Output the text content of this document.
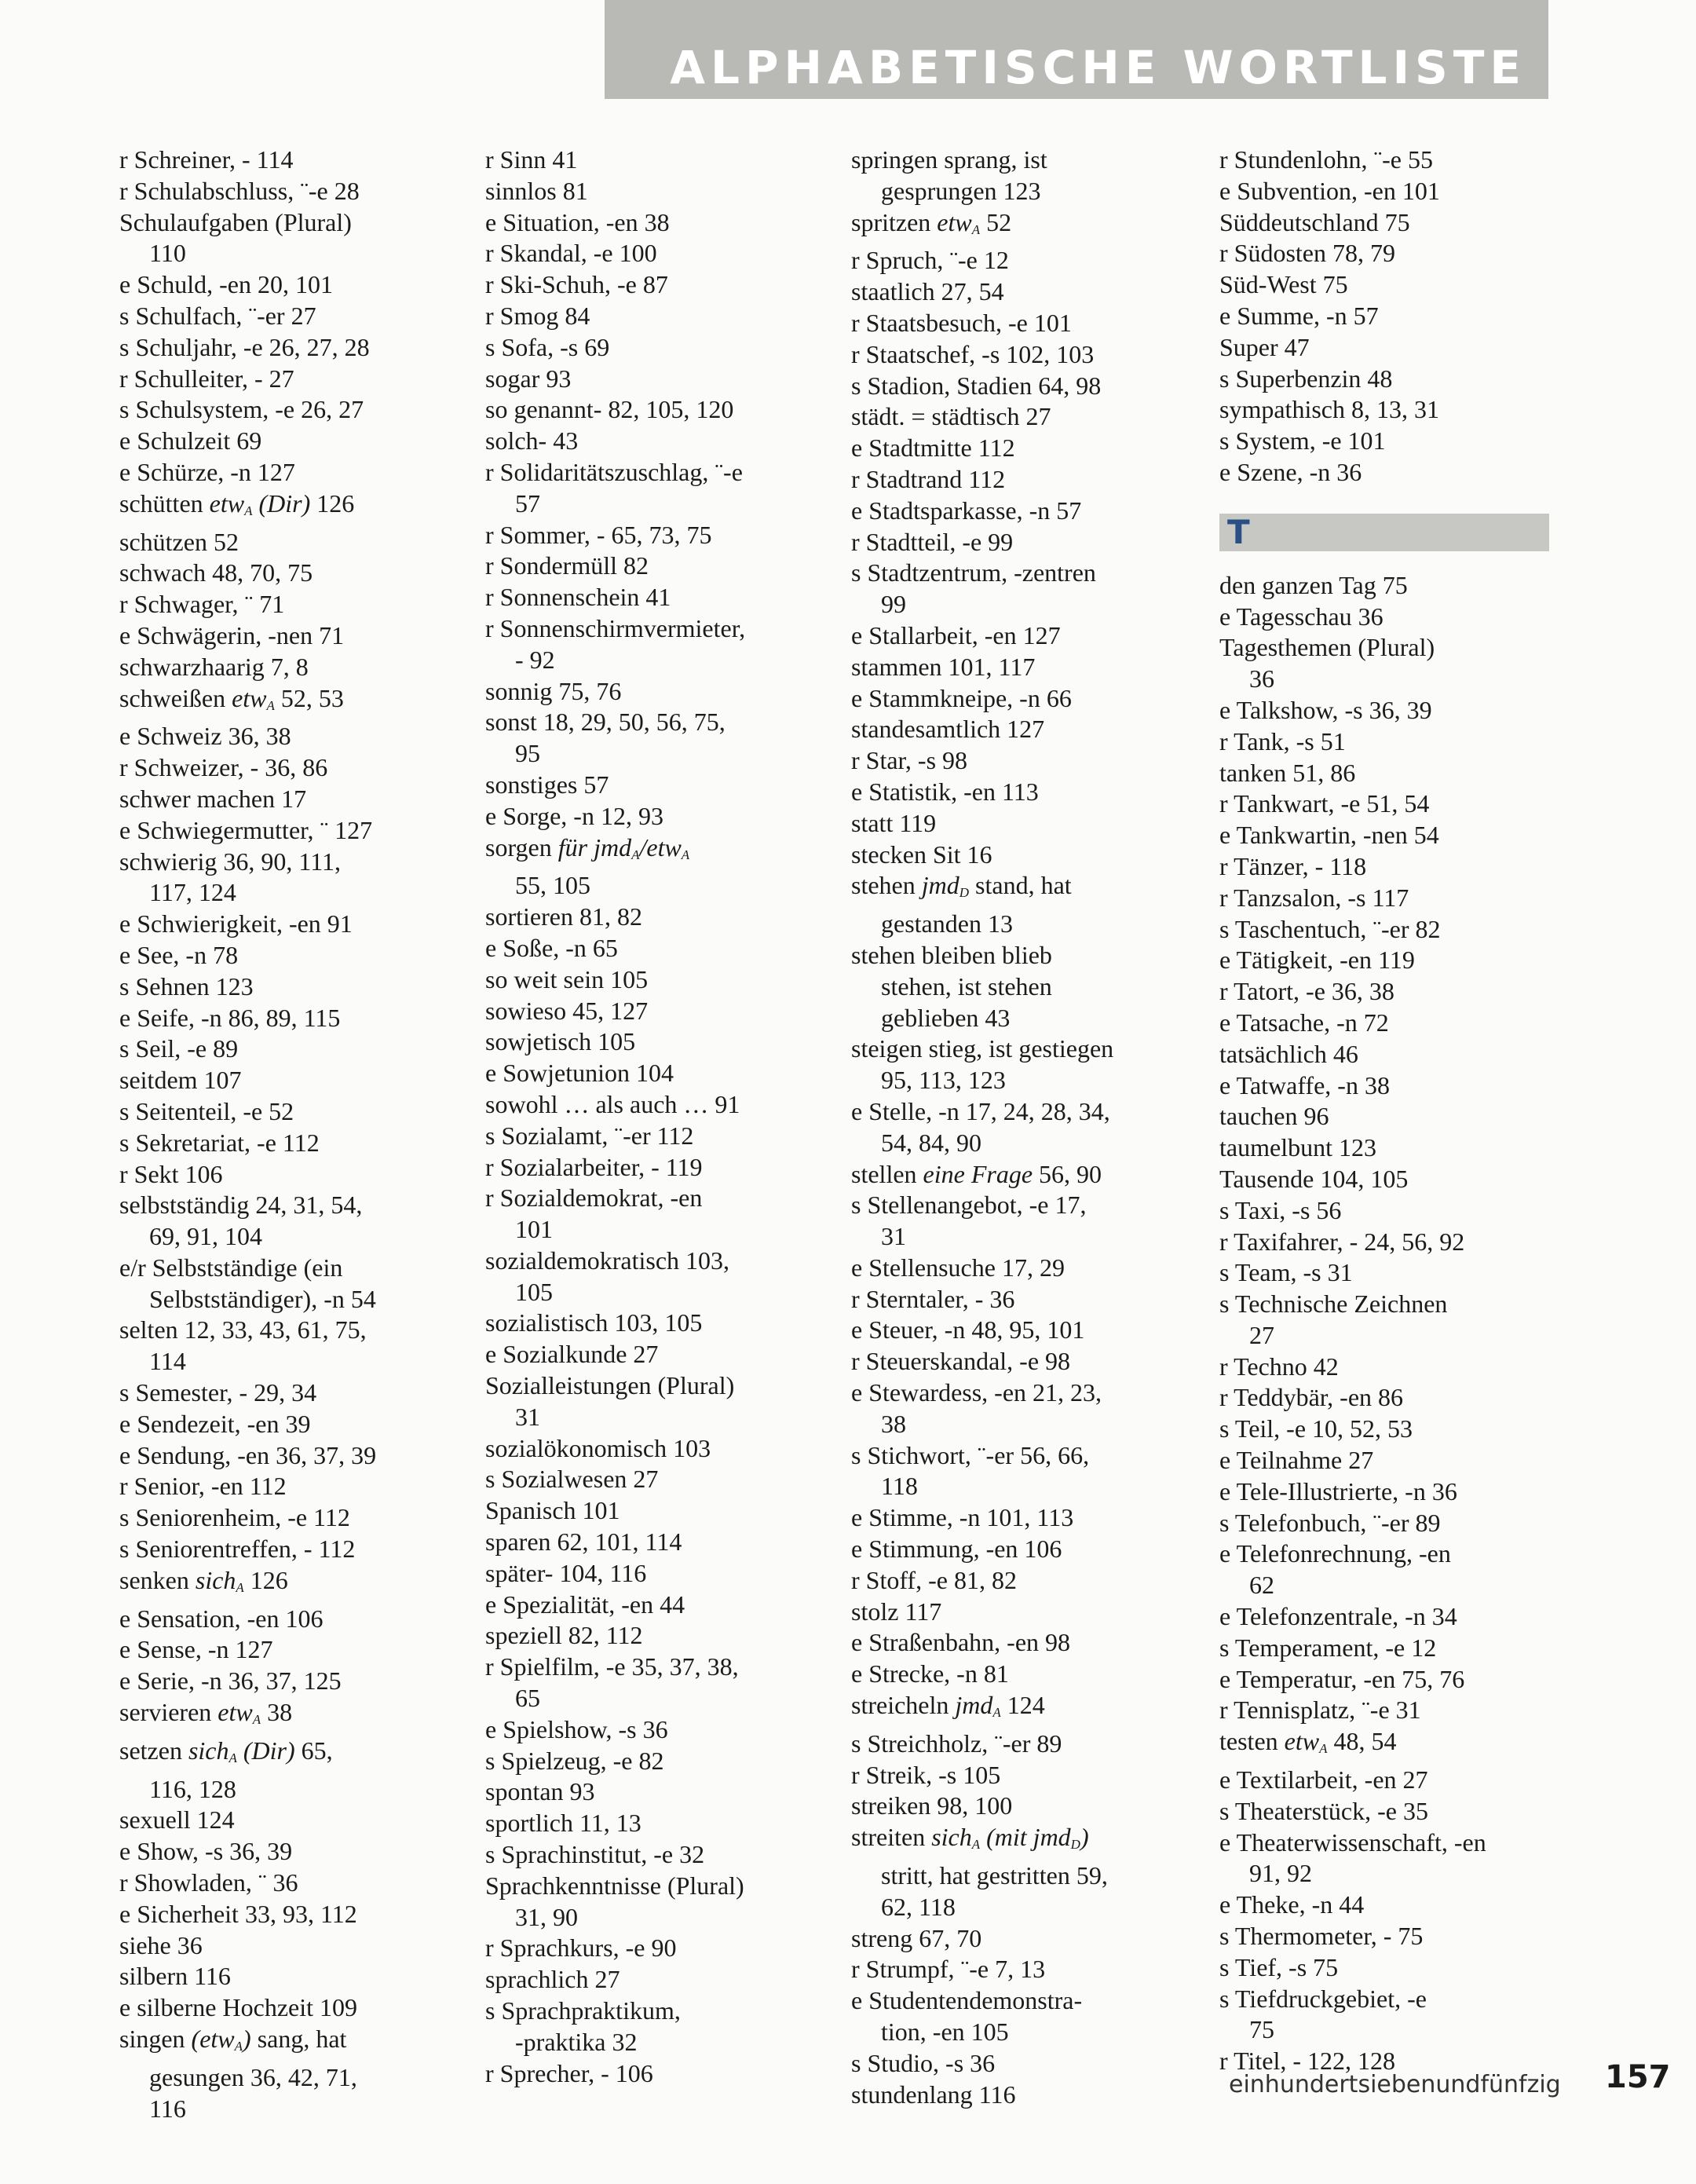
ALPHABETISCHE WORTLISTE
r Schreiner, - 114
r Schulabschluss, ¨-e 28
Schulaufgaben (Plural)
110
e Schuld, -en 20, 101
s Schulfach, ¨-er 27
s Schuljahr, -e 26, 27, 28
r Schulleiter, - 27
s Schulsystem, -e 26, 27
e Schulzeit 69
e Schürze, -n 127
schütten etw$_A$ (Dir) 126
schützen 52
schwach 48, 70, 75
r Schwager, ¨ 71
e Schwägerin, -nen 71
schwarzhaarig 7, 8
schweißen etw$_A$ 52, 53
e Schweiz 36, 38
r Schweizer, - 36, 86
schwer machen 17
e Schwiegermutter, ¨ 127
schwierig 36, 90, 111,
117, 124
e Schwierigkeit, -en 91
e See, -n 78
s Sehnen 123
e Seife, -n 86, 89, 115
s Seil, -e 89
seitdem 107
s Seitenteil, -e 52
s Sekretariat, -e 112
r Sekt 106
selbstständig 24, 31, 54,
69, 91, 104
e/r Selbstständige (ein
Selbstständiger), -n 54
selten 12, 33, 43, 61, 75,
114
s Semester, - 29, 34
e Sendezeit, -en 39
e Sendung, -en 36, 37, 39
r Senior, -en 112
s Seniorenheim, -e 112
s Seniorentreffen, - 112
senken sich$_A$ 126
e Sensation, -en 106
e Sense, -n 127
e Serie, -n 36, 37, 125
servieren etw$_A$ 38
setzen sich$_A$ (Dir) 65,
116, 128
sexuell 124
e Show, -s 36, 39
r Showladen, ¨ 36
e Sicherheit 33, 93, 112
siehe 36
silbern 116
e silberne Hochzeit 109
singen (etw$_A$) sang, hat
gesungen 36, 42, 71,
116
r Sinn 41
sinnlos 81
e Situation, -en 38
r Skandal, -e 100
r Ski-Schuh, -e 87
r Smog 84
s Sofa, -s 69
sogar 93
so genannt- 82, 105, 120
solch- 43
r Solidaritätszuschlag, ¨-e
57
r Sommer, - 65, 73, 75
r Sondermüll 82
r Sonnenschein 41
r Sonnenschirmvermieter,
- 92
sonnig 75, 76
sonst 18, 29, 50, 56, 75,
95
sonstiges 57
e Sorge, -n 12, 93
sorgen für jmd$_A$/etw$_A$
55, 105
sortieren 81, 82
e Soße, -n 65
so weit sein 105
sowieso 45, 127
sowjetisch 105
e Sowjetunion 104
sowohl … als auch … 91
s Sozialamt, ¨-er 112
r Sozialarbeiter, - 119
r Sozialdemokrat, -en
101
sozialdemokratisch 103,
105
sozialistisch 103, 105
e Sozialkunde 27
Sozialleistungen (Plural)
31
sozialökonomisch 103
s Sozialwesen 27
Spanisch 101
sparen 62, 101, 114
später- 104, 116
e Spezialität, -en 44
speziell 82, 112
r Spielfilm, -e 35, 37, 38,
65
e Spielshow, -s 36
s Spielzeug, -e 82
spontan 93
sportlich 11, 13
s Sprachinstitut, -e 32
Sprachkenntnisse (Plural)
31, 90
r Sprachkurs, -e 90
sprachlich 27
s Sprachpraktikum,
-praktika 32
r Sprecher, - 106
springen sprang, ist
gesprungen 123
spritzen etw$_A$ 52
r Spruch, ¨-e 12
staatlich 27, 54
r Staatsbesuch, -e 101
r Staatschef, -s 102, 103
s Stadion, Stadien 64, 98
städt. = städtisch 27
e Stadtmitte 112
r Stadtrand 112
e Stadtsparkasse, -n 57
r Stadtteil, -e 99
s Stadtzentrum, -zentren
99
e Stallarbeit, -en 127
stammen 101, 117
e Stammkneipe, -n 66
standesamtlich 127
r Star, -s 98
e Statistik, -en 113
statt 119
stecken Sit 16
stehen jmd$_D$ stand, hat
gestanden 13
stehen bleiben blieb
stehen, ist stehen
geblieben 43
steigen stieg, ist gestiegen
95, 113, 123
e Stelle, -n 17, 24, 28, 34,
54, 84, 90
stellen eine Frage 56, 90
s Stellenangebot, -e 17,
31
e Stellensuche 17, 29
r Sterntaler, - 36
e Steuer, -n 48, 95, 101
r Steuerskandal, -e 98
e Stewardess, -en 21, 23,
38
s Stichwort, ¨-er 56, 66,
118
e Stimme, -n 101, 113
e Stimmung, -en 106
r Stoff, -e 81, 82
stolz 117
e Straßenbahn, -en 98
e Strecke, -n 81
streicheln jmd$_A$ 124
s Streichholz, ¨-er 89
r Streik, -s 105
streiken 98, 100
streiten sich$_A$ (mit jmd$_D$)
stritt, hat gestritten 59,
62, 118
streng 67, 70
r Strumpf, ¨-e 7, 13
e Studentendemonstra-
tion, -en 105
s Studio, -s 36
stundenlang 116
r Stundenlohn, ¨-e 55
e Subvention, -en 101
Süddeutschland 75
r Südosten 78, 79
Süd-West 75
e Summe, -n 57
Super 47
s Superbenzin 48
sympathisch 8, 13, 31
s System, -e 101
e Szene, -n 36
T
den ganzen Tag 75
e Tagesschau 36
Tagesthemen (Plural)
36
e Talkshow, -s 36, 39
r Tank, -s 51
tanken 51, 86
r Tankwart, -e 51, 54
e Tankwartin, -nen 54
r Tänzer, - 118
r Tanzsalon, -s 117
s Taschentuch, ¨-er 82
e Tätigkeit, -en 119
r Tatort, -e 36, 38
e Tatsache, -n 72
tatsächlich 46
e Tatwaffe, -n 38
tauchen 96
taumelbunt 123
Tausende 104, 105
s Taxi, -s 56
r Taxifahrer, - 24, 56, 92
s Team, -s 31
s Technische Zeichnen
27
r Techno 42
r Teddybär, -en 86
s Teil, -e 10, 52, 53
e Teilnahme 27
e Tele-Illustrierte, -n 36
s Telefonbuch, ¨-er 89
e Telefonrechnung, -en
62
e Telefonzentrale, -n 34
s Temperament, -e 12
e Temperatur, -en 75, 76
r Tennisplatz, ¨-e 31
testen etw$_A$ 48, 54
e Textilarbeit, -en 27
s Theaterstück, -e 35
e Theaterwissenschaft, -en
91, 92
e Theke, -n 44
s Thermometer, - 75
s Tief, -s 75
s Tiefdruckgebiet, -e
75
r Titel, - 122, 128
einhundertsiebenundfünfzig 157
